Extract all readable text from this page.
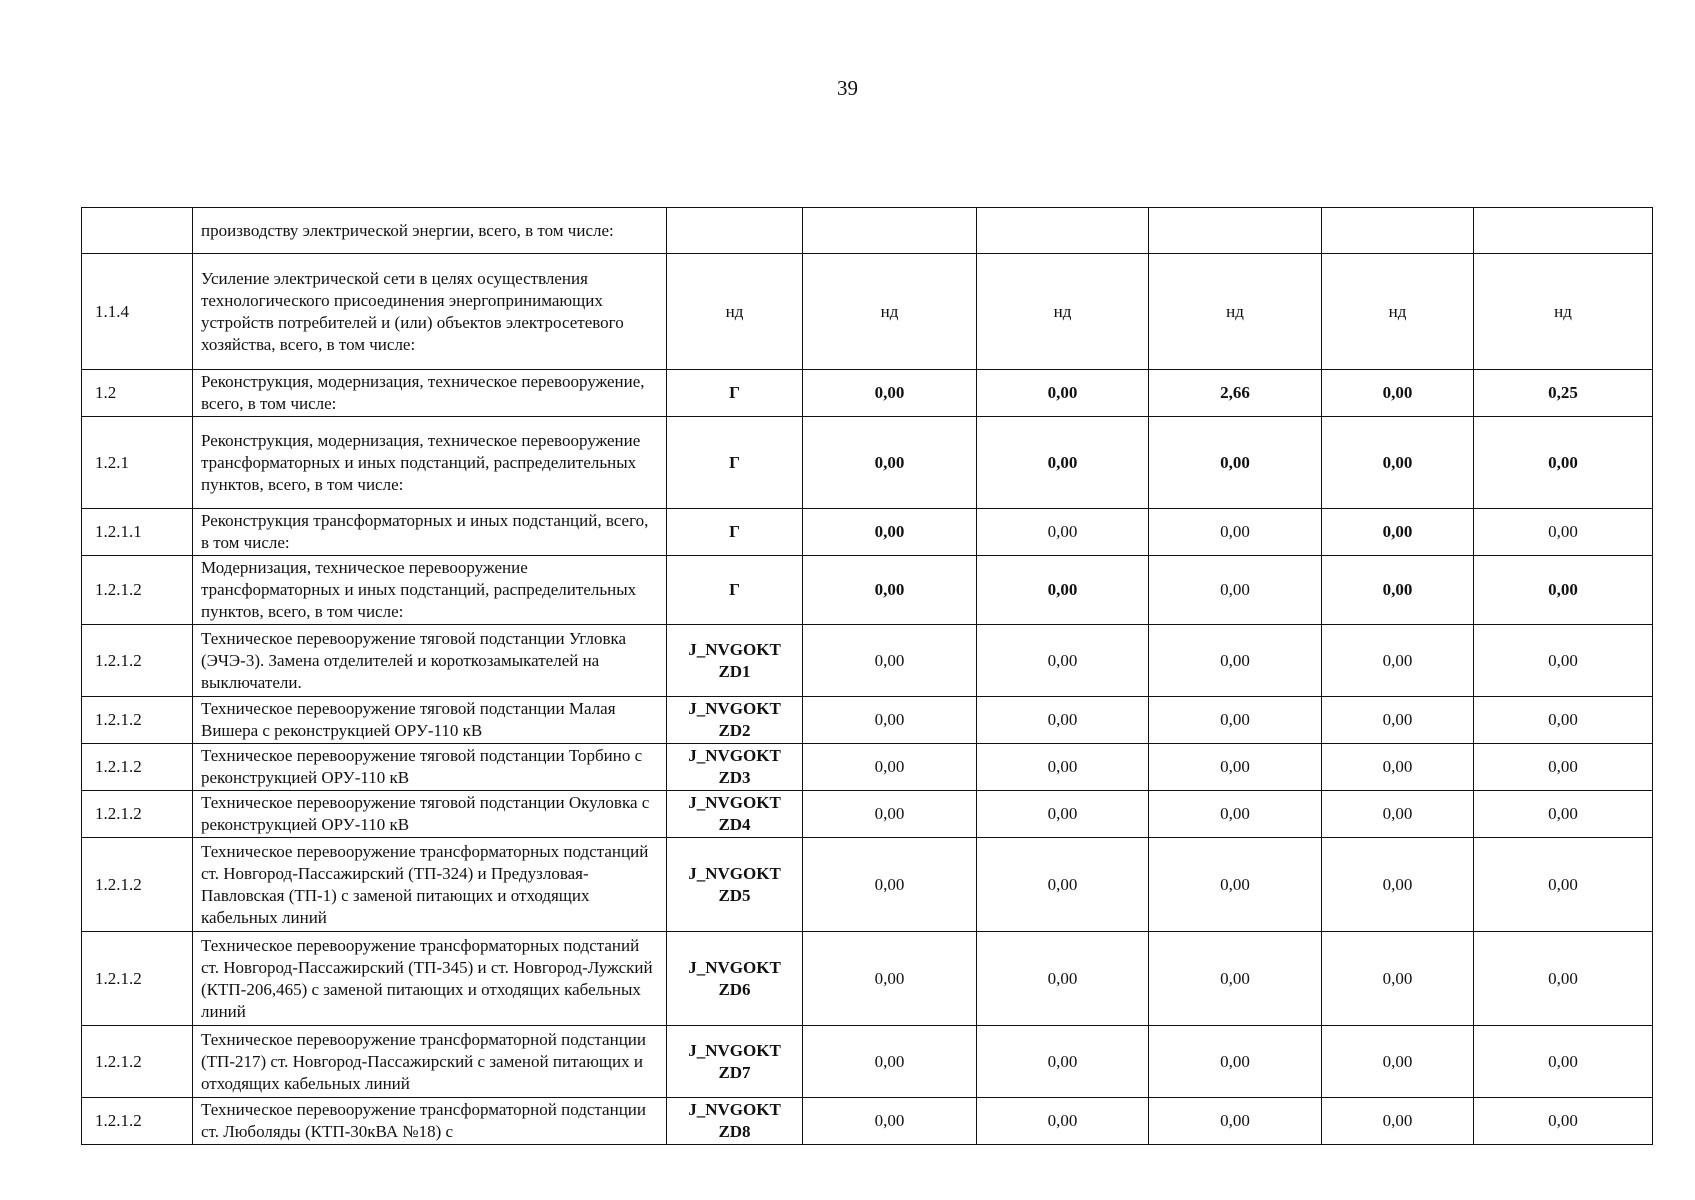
39
	производству электрической энергии, всего, в том числе:						
1.1.4	Усиление электрической сети в целях осуществления технологического присоединения энергопринимающих устройств потребителей и (или) объектов электросетевого хозяйства, всего, в том числе:	нд	нд	нд	нд	нд	нд
1.2	Реконструкция, модернизация, техническое перевооружение, всего, в том числе:	Г	0,00	0,00	2,66	0,00	0,25
1.2.1	Реконструкция, модернизация, техническое перевооружение трансформаторных и иных подстанций, распределительных пунктов, всего, в том числе:	Г	0,00	0,00	0,00	0,00	0,00
1.2.1.1	Реконструкция трансформаторных и иных подстанций, всего, в том числе:	Г	0,00	0,00	0,00	0,00	0,00
1.2.1.2	Модернизация, техническое перевооружение трансформаторных и иных подстанций, распределительных пунктов, всего, в том числе:	Г	0,00	0,00	0,00	0,00	0,00
1.2.1.2	Техническое перевооружение тяговой подстанции Угловка (ЭЧЭ-3). Замена отделителей и короткозамыкателей на выключатели.	J_NVGOKT ZD1	0,00	0,00	0,00	0,00	0,00
1.2.1.2	Техническое перевооружение тяговой подстанции Малая Вишера с реконструкцией ОРУ-110 кВ	J_NVGOKT ZD2	0,00	0,00	0,00	0,00	0,00
1.2.1.2	Техническое перевооружение тяговой подстанции Торбино с реконструкцией ОРУ-110 кВ	J_NVGOKT ZD3	0,00	0,00	0,00	0,00	0,00
1.2.1.2	Техническое перевооружение тяговой подстанции Окуловка с реконструкцией ОРУ-110 кВ	J_NVGOKT ZD4	0,00	0,00	0,00	0,00	0,00
1.2.1.2	Техническое перевооружение трансформаторных подстанций ст. Новгород-Пассажирский (ТП-324) и Предузловая-Павловская (ТП-1) с заменой питающих и отходящих кабельных линий	J_NVGOKT ZD5	0,00	0,00	0,00	0,00	0,00
1.2.1.2	Техническое перевооружение трансформаторных подстаний ст. Новгород-Пассажирский (ТП-345) и ст. Новгород-Лужский (КТП-206,465) с заменой питающих и отходящих кабельных линий	J_NVGOKT ZD6	0,00	0,00	0,00	0,00	0,00
1.2.1.2	Техническое перевооружение трансформаторной подстанции (ТП-217) ст. Новгород-Пассажирский с заменой питающих и отходящих кабельных линий	J_NVGOKT ZD7	0,00	0,00	0,00	0,00	0,00
1.2.1.2	Техническое перевооружение трансформаторной подстанции ст. Люболяды (КТП-30кВА №18) с	J_NVGOKT ZD8	0,00	0,00	0,00	0,00	0,00
